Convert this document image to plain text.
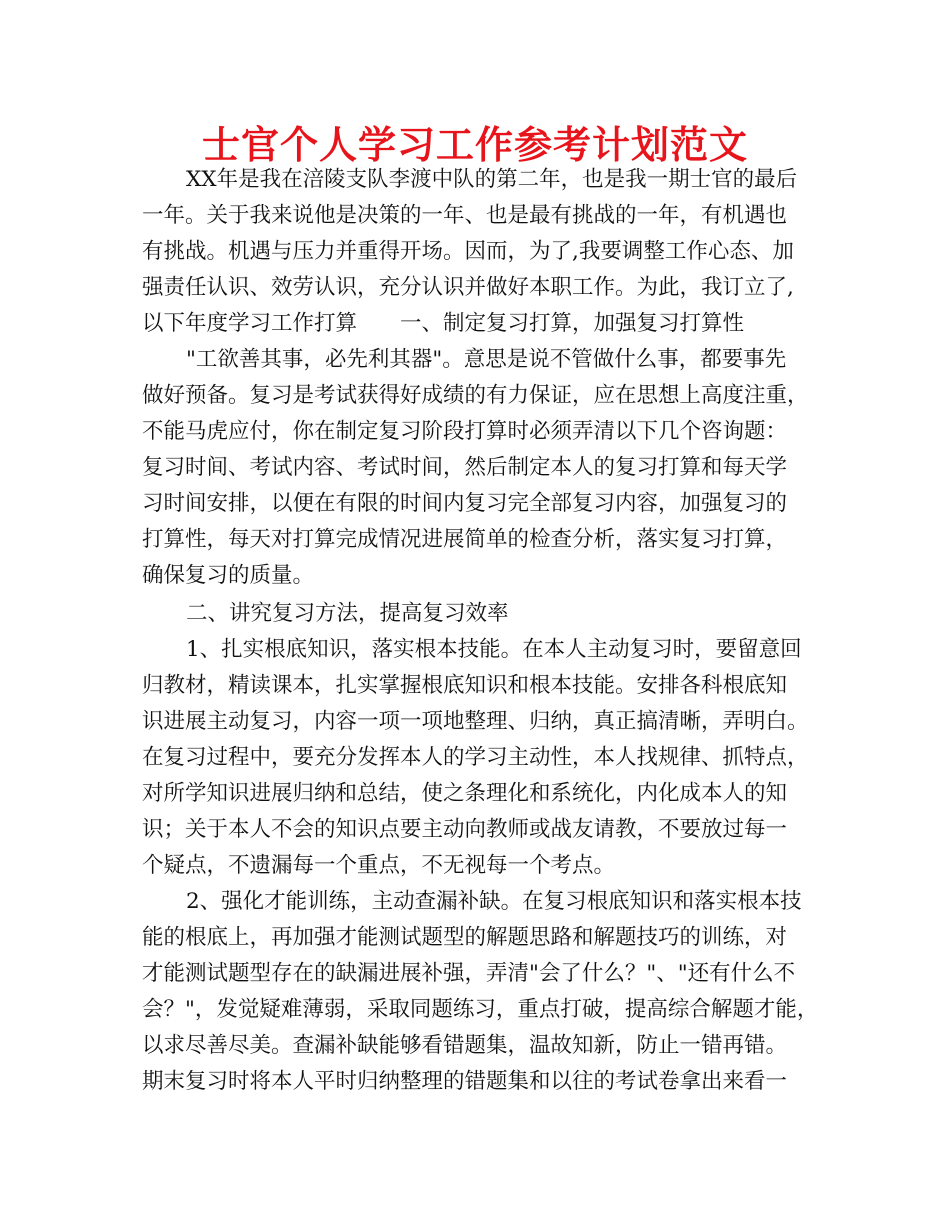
士官个人学习工作参考计划范文
XX年是我在涪陵支队李渡中队的第二年，也是我一期士官的最后
一年。关于我来说他是决策的一年、也是最有挑战的一年，有机遇也
有挑战。机遇与压力并重得开场。因而，为了,我要调整工作心态、加
强责任认识、效劳认识，充分认识并做好本职工作。为此，我订立了,
以下年度学习工作打算　　一、制定复习打算，加强复习打算性
"工欲善其事，必先利其器"。意思是说不管做什么事，都要事先
做好预备。复习是考试获得好成绩的有力保证，应在思想上高度注重，
不能马虎应付，你在制定复习阶段打算时必须弄清以下几个咨询题：
复习时间、考试内容、考试时间，然后制定本人的复习打算和每天学
习时间安排，以便在有限的时间内复习完全部复习内容，加强复习的
打算性，每天对打算完成情况进展简单的检查分析，落实复习打算，
确保复习的质量。
二、讲究复习方法，提高复习效率
1、扎实根底知识，落实根本技能。在本人主动复习时，要留意回
归教材，精读课本，扎实掌握根底知识和根本技能。安排各科根底知
识进展主动复习，内容一项一项地整理、归纳，真正搞清晰，弄明白。
在复习过程中，要充分发挥本人的学习主动性，本人找规律、抓特点，
对所学知识进展归纳和总结，使之条理化和系统化，内化成本人的知
识；关于本人不会的知识点要主动向教师或战友请教，不要放过每一
个疑点，不遗漏每一个重点，不无视每一个考点。
2、强化才能训练，主动查漏补缺。在复习根底知识和落实根本技
能的根底上，再加强才能测试题型的解题思路和解题技巧的训练，对
才能测试题型存在的缺漏进展补强，弄清"会了什么？"、"还有什么不
会？"，发觉疑难薄弱，采取同题练习，重点打破，提高综合解题才能，
以求尽善尽美。查漏补缺能够看错题集，温故知新，防止一错再错。
期末复习时将本人平时归纳整理的错题集和以往的考试卷拿出来看一
